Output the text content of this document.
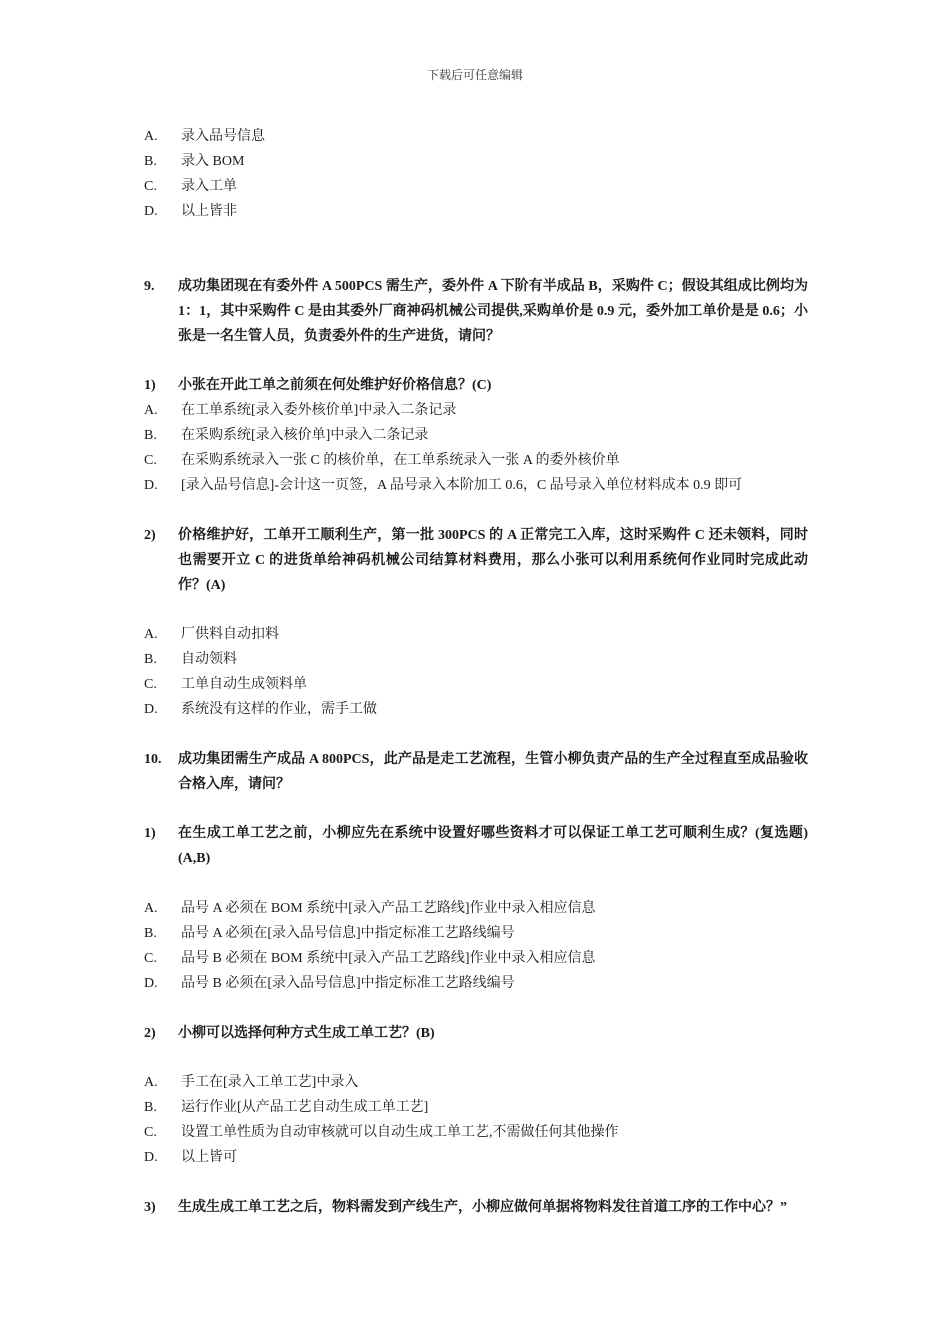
下载后可任意编辑
A.	录入品号信息
B.	录入 BOM
C.	录入工单
D.	以上皆非
9.	成功集团现在有委外件 A 500PCS 需生产，委外件 A 下阶有半成品 B，采购件 C；假设其组成比例均为 1：1，其中采购件 C 是由其委外厂商神码机械公司提供,采购单价是 0.9 元，委外加工单价是是 0.6；小张是一名生管人员，负责委外件的生产进货，请问？
1)	小张在开此工单之前须在何处维护好价格信息？(C)
A.	在工单系统[录入委外核价单]中录入二条记录
B.	在采购系统[录入核价单]中录入二条记录
C.	在采购系统录入一张 C 的核价单，在工单系统录入一张 A 的委外核价单
D.	[录入品号信息]-会计这一页签，A 品号录入本阶加工 0.6，C 品号录入单位材料成本 0.9 即可
2)	价格维护好，工单开工顺利生产，第一批 300PCS 的 A 正常完工入库，这时采购件 C 还未领料，同时也需要开立 C 的进货单给神码机械公司结算材料费用，那么小张可以利用系统何作业同时完成此动作？(A)
A.	厂供料自动扣料
B.	自动领料
C.	工单自动生成领料单
D.	系统没有这样的作业，需手工做
10.	成功集团需生产成品 A 800PCS，此产品是走工艺流程，生管小柳负责产品的生产全过程直至成品验收合格入库，请问？
1)	在生成工单工艺之前，小柳应先在系统中设置好哪些资料才可以保证工单工艺可顺利生成？(复选题) (A,B)
A.	品号 A 必须在 BOM 系统中[录入产品工艺路线]作业中录入相应信息
B.	品号 A 必须在[录入品号信息]中指定标准工艺路线编号
C.	品号 B 必须在 BOM 系统中[录入产品工艺路线]作业中录入相应信息
D.	品号 B 必须在[录入品号信息]中指定标准工艺路线编号
2)	小柳可以选择何种方式生成工单工艺？(B)
A.	手工在[录入工单工艺]中录入
B.	运行作业[从产品工艺自动生成工单工艺]
C.	设置工单性质为自动审核就可以自动生成工单工艺,不需做任何其他操作
D.	以上皆可
3)	生成生成工单工艺之后，物料需发到产线生产，小柳应做何单据将物料发往首道工序的工作中心？”
